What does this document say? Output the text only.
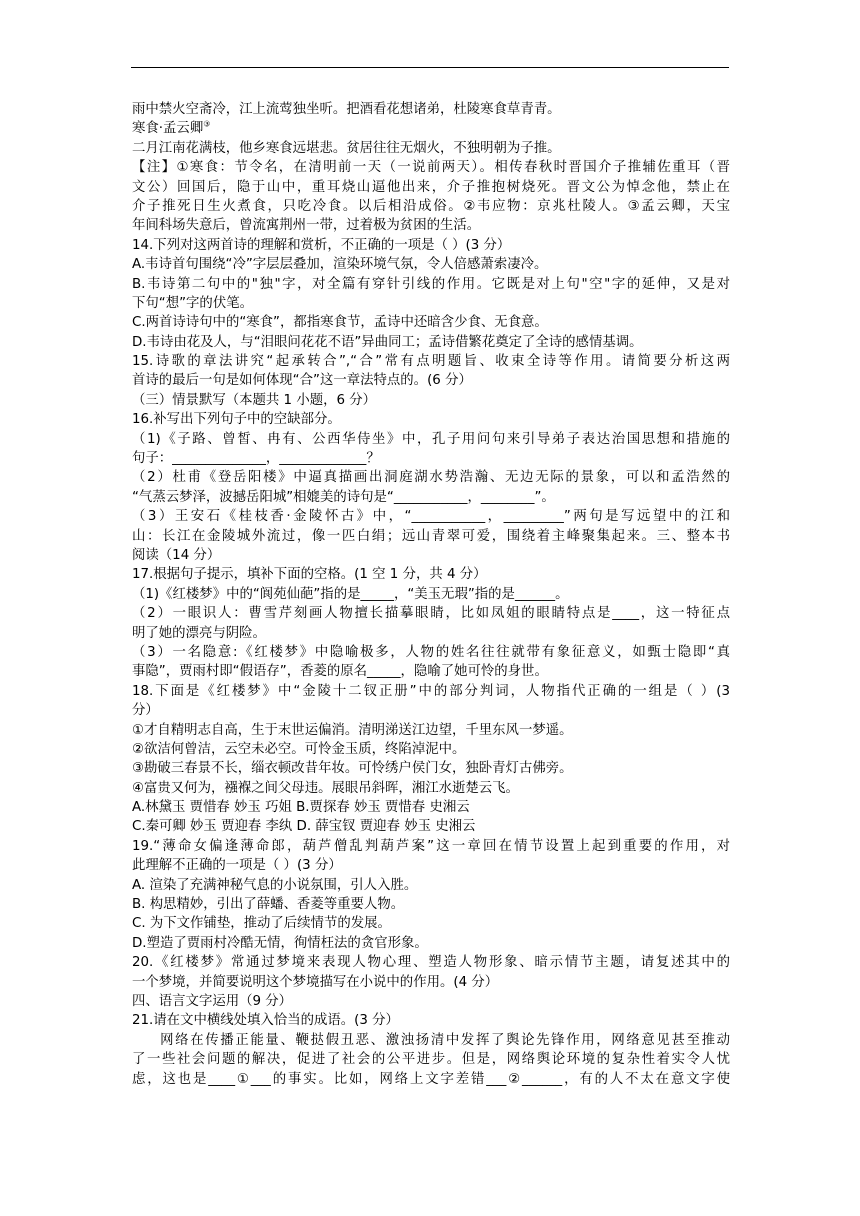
雨中禁火空斋冷，江上流莺独坐听。把酒看花想诸弟，杜陵寒食草青青。
寒食·孟云卿③
二月江南花满枝，他乡寒食远堪悲。贫居往往无烟火，不独明朝为子推。
【注】①寒食：节令名，在清明前一天（一说前两天）。相传春秋时晋国介子推辅佐重耳（晋
文公）回国后，隐于山中，重耳烧山逼他出来，介子推抱树烧死。晋文公为悼念他，禁止在
介子推死日生火煮食，只吃冷食。以后相沿成俗。②韦应物：京兆杜陵人。③孟云卿，天宝
年间科场失意后，曾流寓荆州一带，过着极为贫困的生活。
14.下列对这两首诗的理解和赏析，不正确的一项是（ ）(3 分）
A.韦诗首句围绕“冷”字层层叠加，渲染环境气氛，令人倍感萧索凄冷。
B.韦诗第二句中的"独"字，对全篇有穿针引线的作用。它既是对上句"空"字的延伸，又是对
下句“想”字的伏笔。
C.两首诗诗句中的“寒食”，都指寒食节，孟诗中还暗含少食、无食意。
D.韦诗由花及人，与“泪眼问花花不语”异曲同工；孟诗借繁花奠定了全诗的感情基调。
15.诗歌的章法讲究“起承转合”,“合”常有点明题旨、收束全诗等作用。请简要分析这两
首诗的最后一句是如何体现“合”这一章法特点的。(6 分）
（三）情景默写（本题共 1 小题，6 分）
16.补写出下列句子中的空缺部分。
（1)《子路、曾皙、冉有、公西华侍坐》中，孔子用问句来引导弟子表达治国思想和措施的
句子：______________，_____________？
（2）杜甫《登岳阳楼》中逼真描画出洞庭湖水势浩瀚、无边无际的景象，可以和孟浩然的
“气蒸云梦泽，波撼岳阳城”相媲美的诗句是“___________，________”。
（3）王安石《桂枝香·金陵怀古》中，“___________，_________”两句是写远望中的江和
山：长江在金陵城外流过，像一匹白绢；远山青翠可爱，围绕着主峰聚集起来。三、整本书
阅读（14 分）
17.根据句子提示，填补下面的空格。(1 空 1 分，共 4 分）
（1)《红楼梦》中的“阆苑仙葩”指的是_____，“美玉无瑕”指的是______。
（2）一眼识人：曹雪芹刻画人物擅长描摹眼睛，比如凤姐的眼睛特点是____，这一特征点
明了她的漂亮与阴险。
（3）一名隐意:《红楼梦》中隐喻极多，人物的姓名往往就带有象征意义，如甄士隐即“真
事隐”，贾雨村即“假语存”，香菱的原名_____，隐喻了她可怜的身世。
18.下面是《红楼梦》中“金陵十二钗正册”中的部分判词，人物指代正确的一组是（ ）(3
分）
①才自精明志自高，生于末世运偏消。清明涕送江边望，千里东风一梦遥。
②欲洁何曾洁，云空未必空。可怜金玉质，终陷淖泥中。
③勘破三春景不长，缁衣顿改昔年妆。可怜绣户侯门女，独卧青灯古佛旁。
④富贵又何为，襁褓之间父母违。展眼吊斜晖，湘江水逝楚云飞。
A.林黛玉 贾惜春 妙玉 巧姐 B.贾探春 妙玉 贾惜春 史湘云
C.秦可卿 妙玉 贾迎春 李纨 D. 薛宝钗 贾迎春 妙玉 史湘云
19.“薄命女偏逢薄命郎，葫芦僧乱判葫芦案”这一章回在情节设置上起到重要的作用，对
此理解不正确的一项是（ ）(3 分）
A. 渲染了充满神秘气息的小说氛围，引人入胜。
B. 构思精妙，引出了薛蟠、香菱等重要人物。
C. 为下文作铺垫，推动了后续情节的发展。
D.塑造了贾雨村冷酷无情，徇情枉法的贪官形象。
20.《红楼梦》常通过梦境来表现人物心理、塑造人物形象、暗示情节主题，请复述其中的
一个梦境，并简要说明这个梦境描写在小说中的作用。(4 分）
四、语言文字运用（9 分）
21.请在文中横线处填入恰当的成语。(3 分）
网络在传播正能量、鞭挞假丑恶、激浊扬清中发挥了舆论先锋作用，网络意见甚至推动
了一些社会问题的解决，促进了社会的公平进步。但是，网络舆论环境的复杂性着实令人忧
虑，这也是____①___的事实。比如，网络上文字差错___②______，有的人不太在意文字使
